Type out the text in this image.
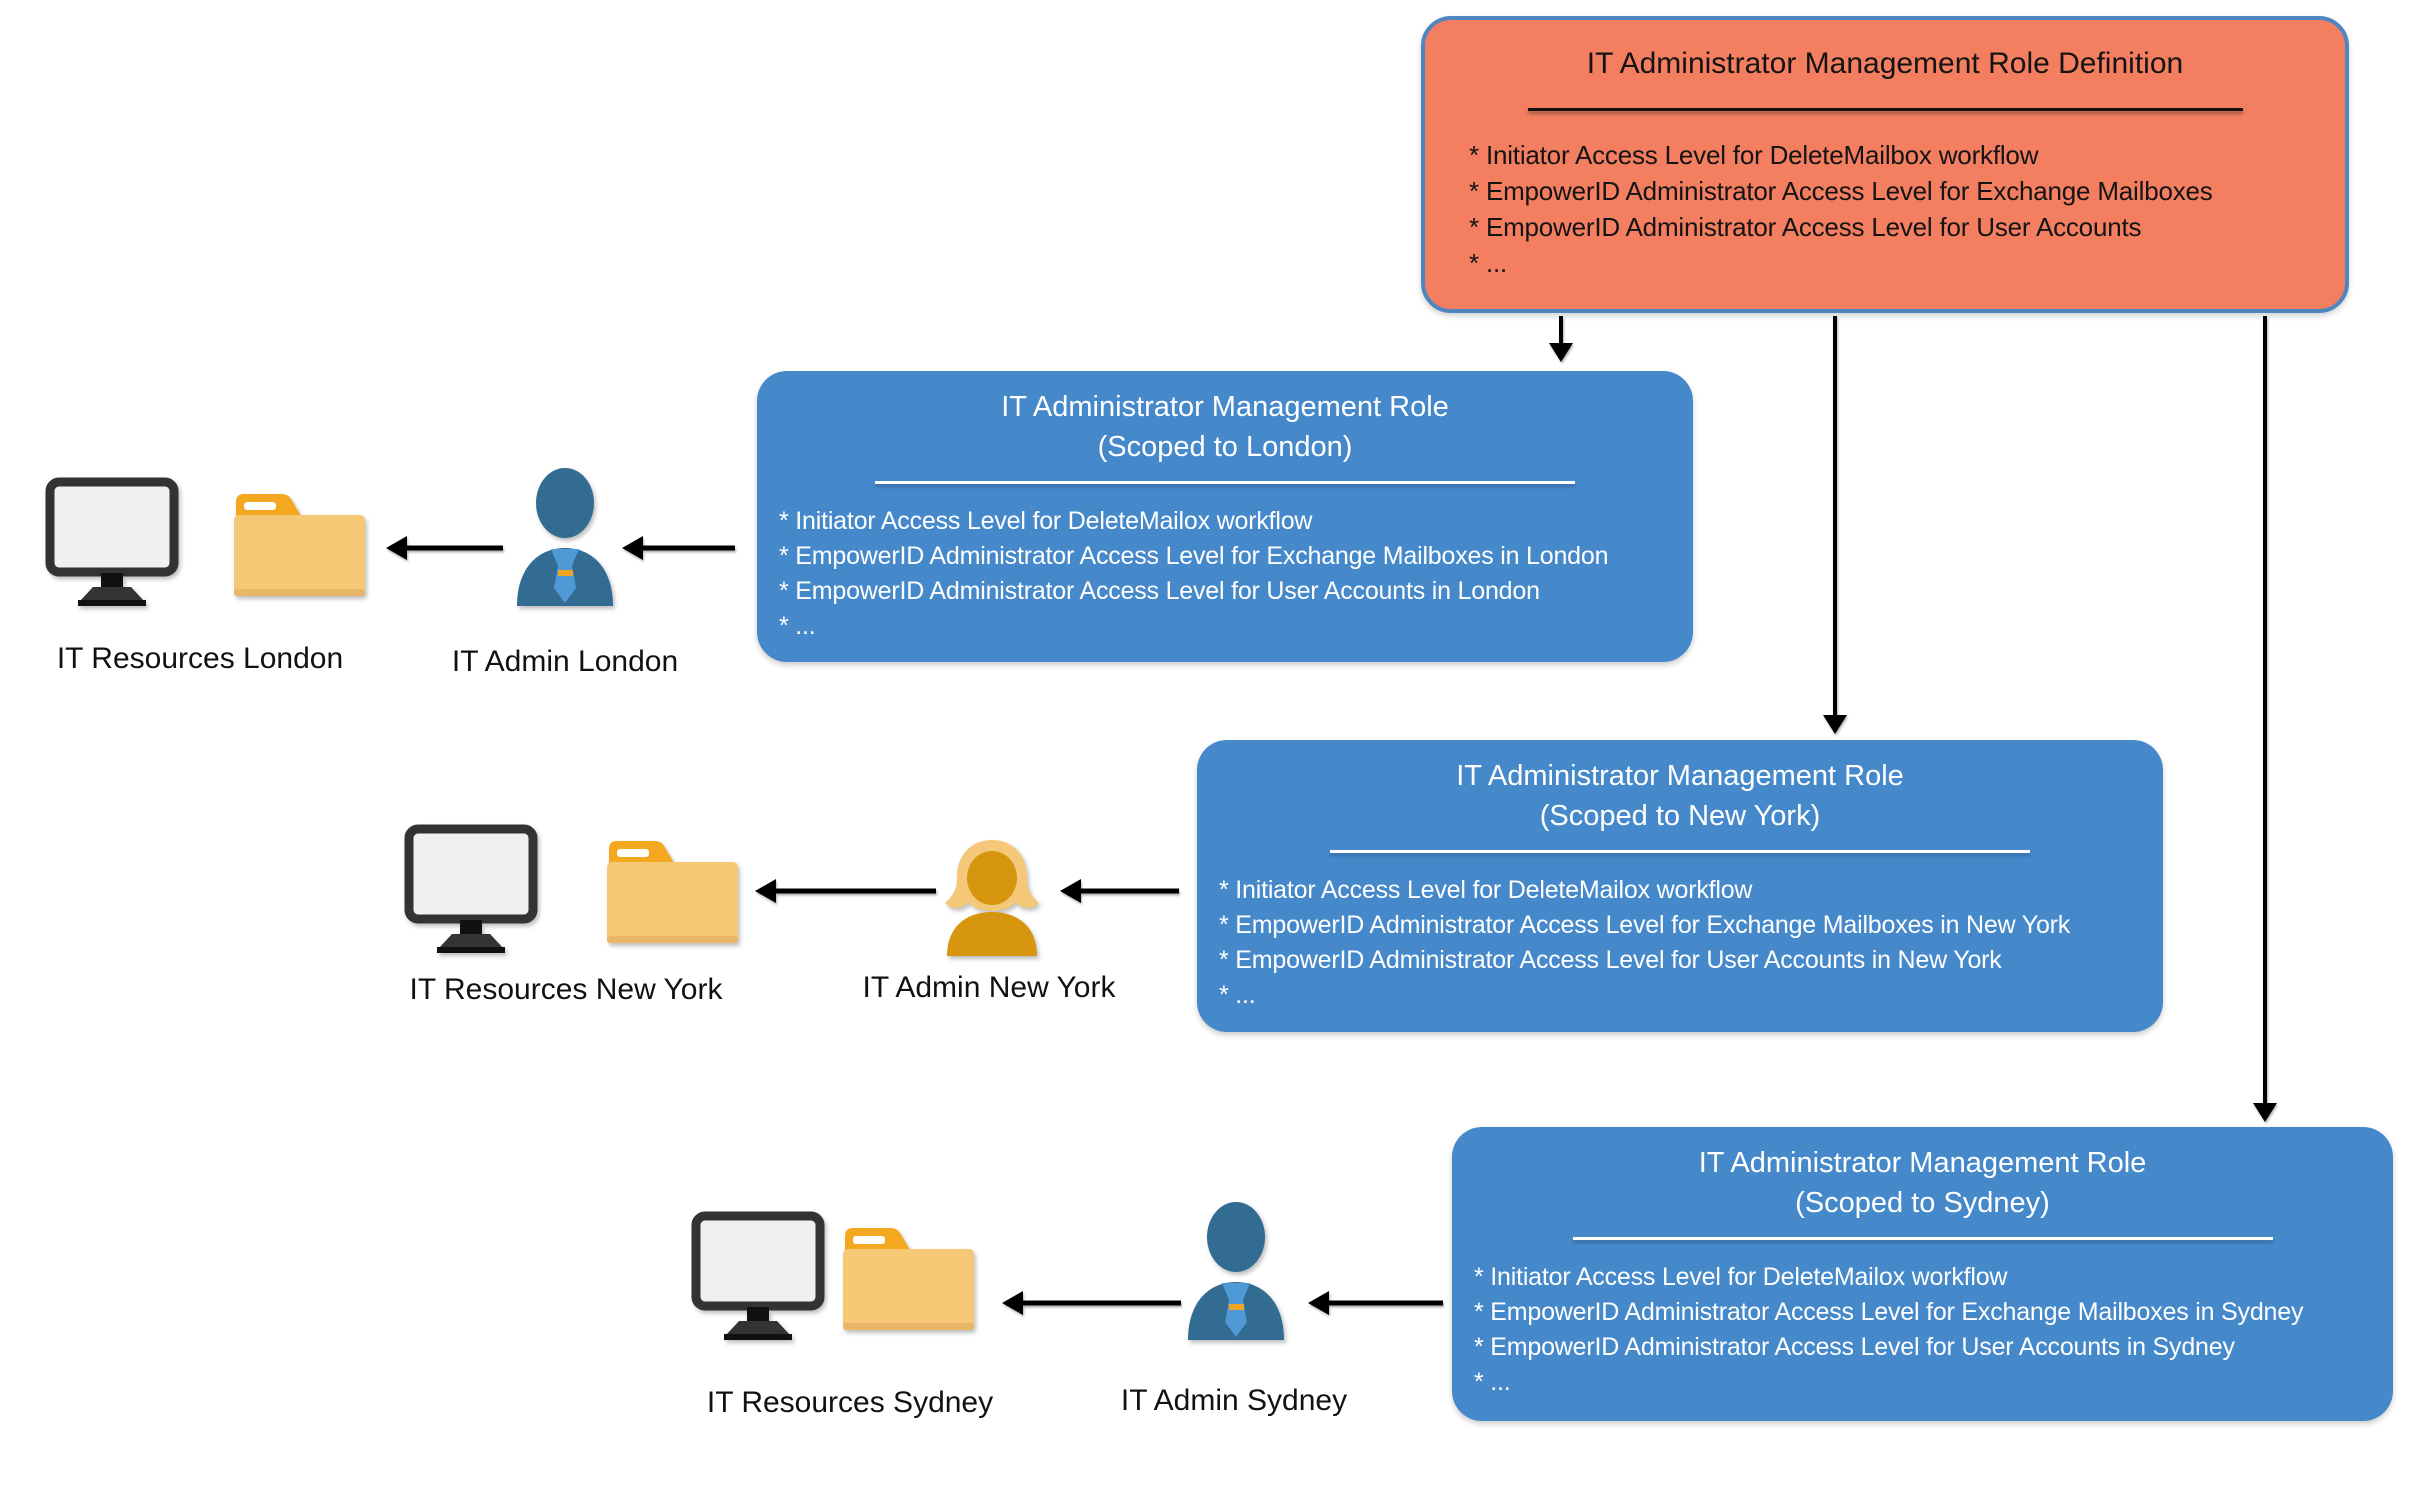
IT Administrator Management Role Definition
* Initiator Access Level for DeleteMailbox workflow
* EmpowerID Administrator Access Level for Exchange Mailboxes
* EmpowerID Administrator Access Level for User Accounts
* ...
IT Administrator Management Role
(Scoped to London)
* Initiator Access Level for DeleteMailox workflow
* EmpowerID Administrator Access Level for Exchange Mailboxes in London
* EmpowerID Administrator Access Level for User Accounts in London
* ...
IT Administrator Management Role
(Scoped to New York)
* Initiator Access Level for DeleteMailox workflow
* EmpowerID Administrator Access Level for Exchange Mailboxes in New York
* EmpowerID Administrator Access Level for User Accounts in New York
* ...
IT Administrator Management Role
(Scoped to Sydney)
* Initiator Access Level for DeleteMailox workflow
* EmpowerID Administrator Access Level for Exchange Mailboxes in Sydney
* EmpowerID Administrator Access Level for User Accounts in Sydney
* ...
IT Resources London	IT Admin London
IT Resources New York	IT Admin New York
IT Resources Sydney	IT Admin Sydney
